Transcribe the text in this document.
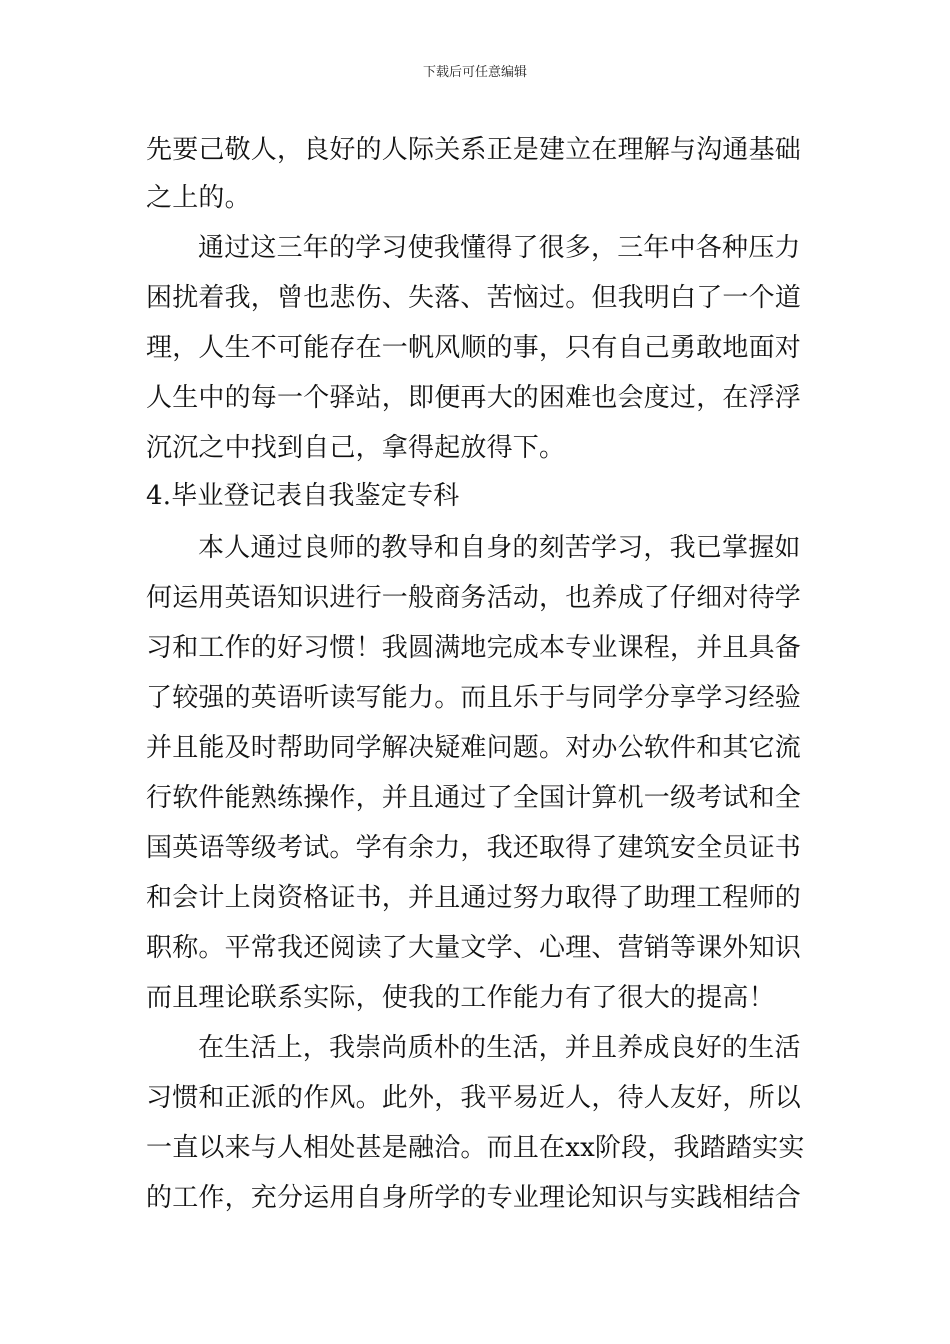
下载后可任意编辑
先要己敬人，良好的人际关系正是建立在理解与沟通基础
之上的。
通过这三年的学习使我懂得了很多，三年中各种压力
困扰着我，曾也悲伤、失落、苦恼过。但我明白了一个道
理，人生不可能存在一帆风顺的事，只有自己勇敢地面对
人生中的每一个驿站，即便再大的困难也会度过，在浮浮
沉沉之中找到自己，拿得起放得下。
4.毕业登记表自我鉴定专科
本人通过良师的教导和自身的刻苦学习，我已掌握如
何运用英语知识进行一般商务活动，也养成了仔细对待学
习和工作的好习惯！我圆满地完成本专业课程，并且具备
了较强的英语听读写能力。而且乐于与同学分享学习经验
并且能及时帮助同学解决疑难问题。对办公软件和其它流
行软件能熟练操作，并且通过了全国计算机一级考试和全
国英语等级考试。学有余力，我还取得了建筑安全员证书
和会计上岗资格证书，并且通过努力取得了助理工程师的
职称。平常我还阅读了大量文学、心理、营销等课外知识
而且理论联系实际，使我的工作能力有了很大的提高！
在生活上，我崇尚质朴的生活，并且养成良好的生活
习惯和正派的作风。此外，我平易近人，待人友好，所以
一直以来与人相处甚是融洽。而且在xx阶段，我踏踏实实
的工作，充分运用自身所学的专业理论知识与实践相结合
